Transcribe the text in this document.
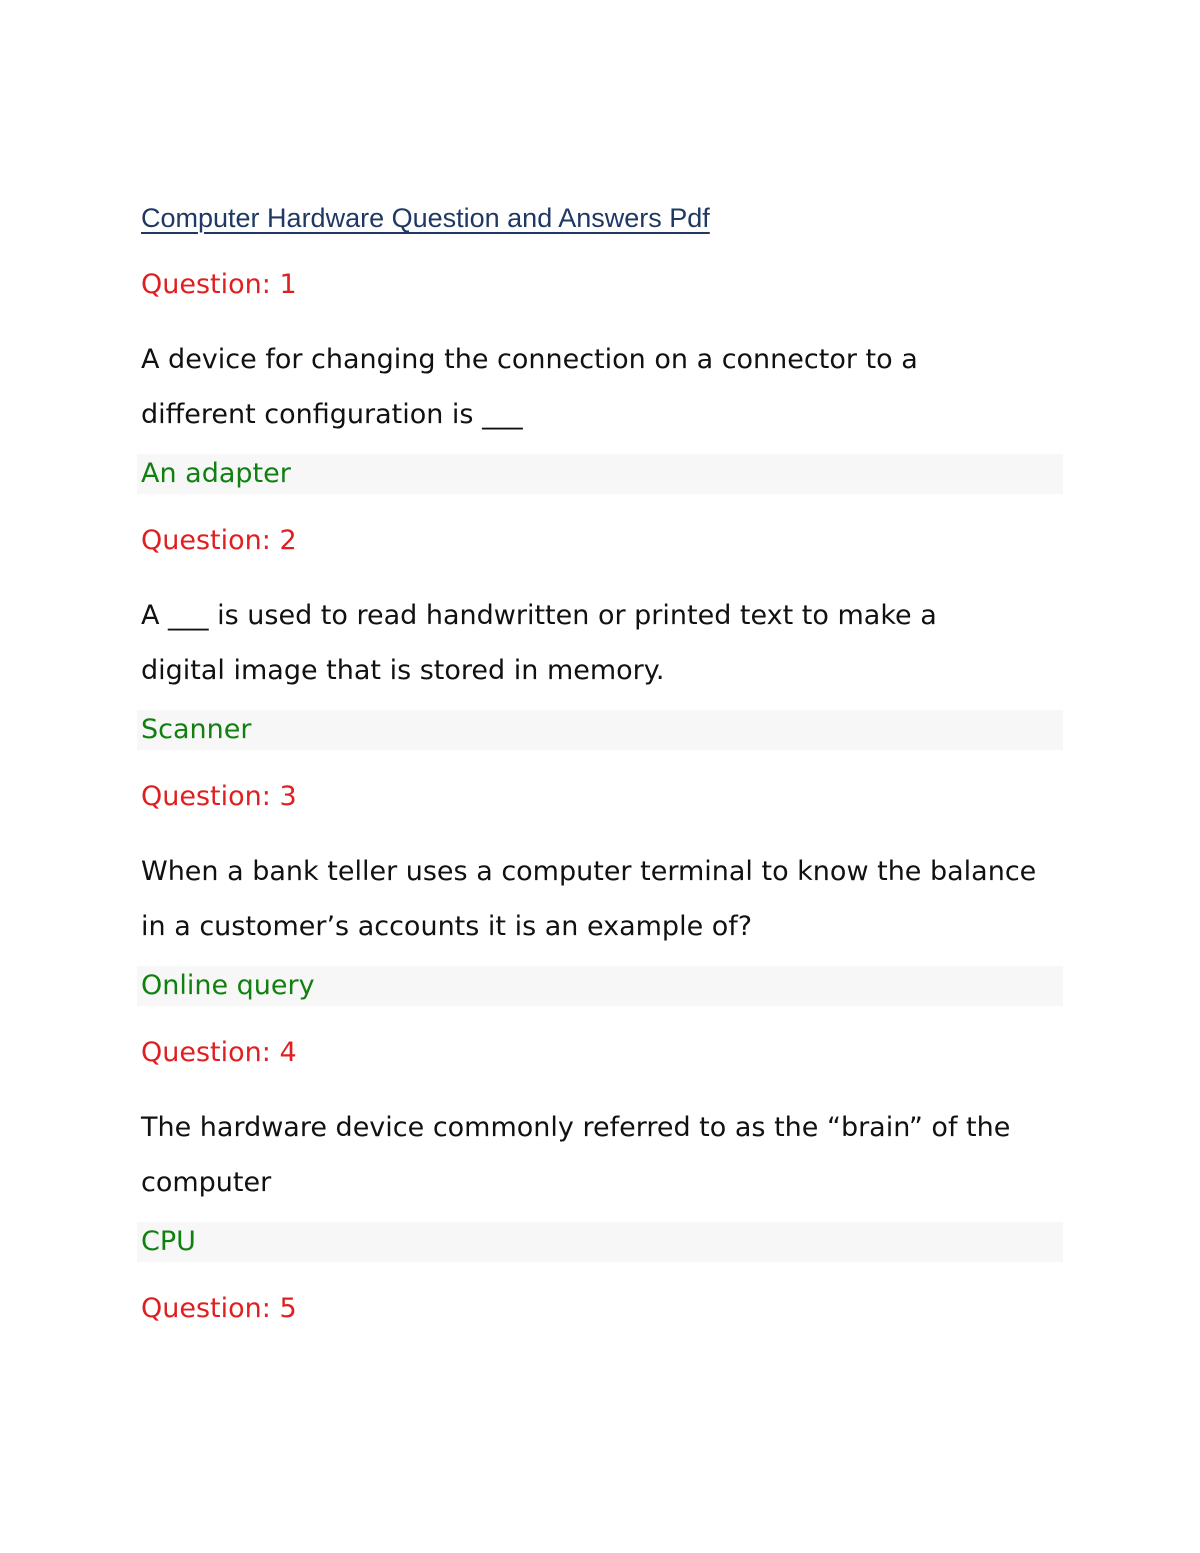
Computer Hardware Question and Answers Pdf
Question: 1
A device for changing the connection on a connector to a
different configuration is ___
An adapter
Question: 2
A ___ is used to read handwritten or printed text to make a
digital image that is stored in memory.
Scanner
Question: 3
When a bank teller uses a computer terminal to know the balance
in a customer’s accounts it is an example of?
Online query
Question: 4
The hardware device commonly referred to as the “brain” of the
computer
CPU
Question: 5
